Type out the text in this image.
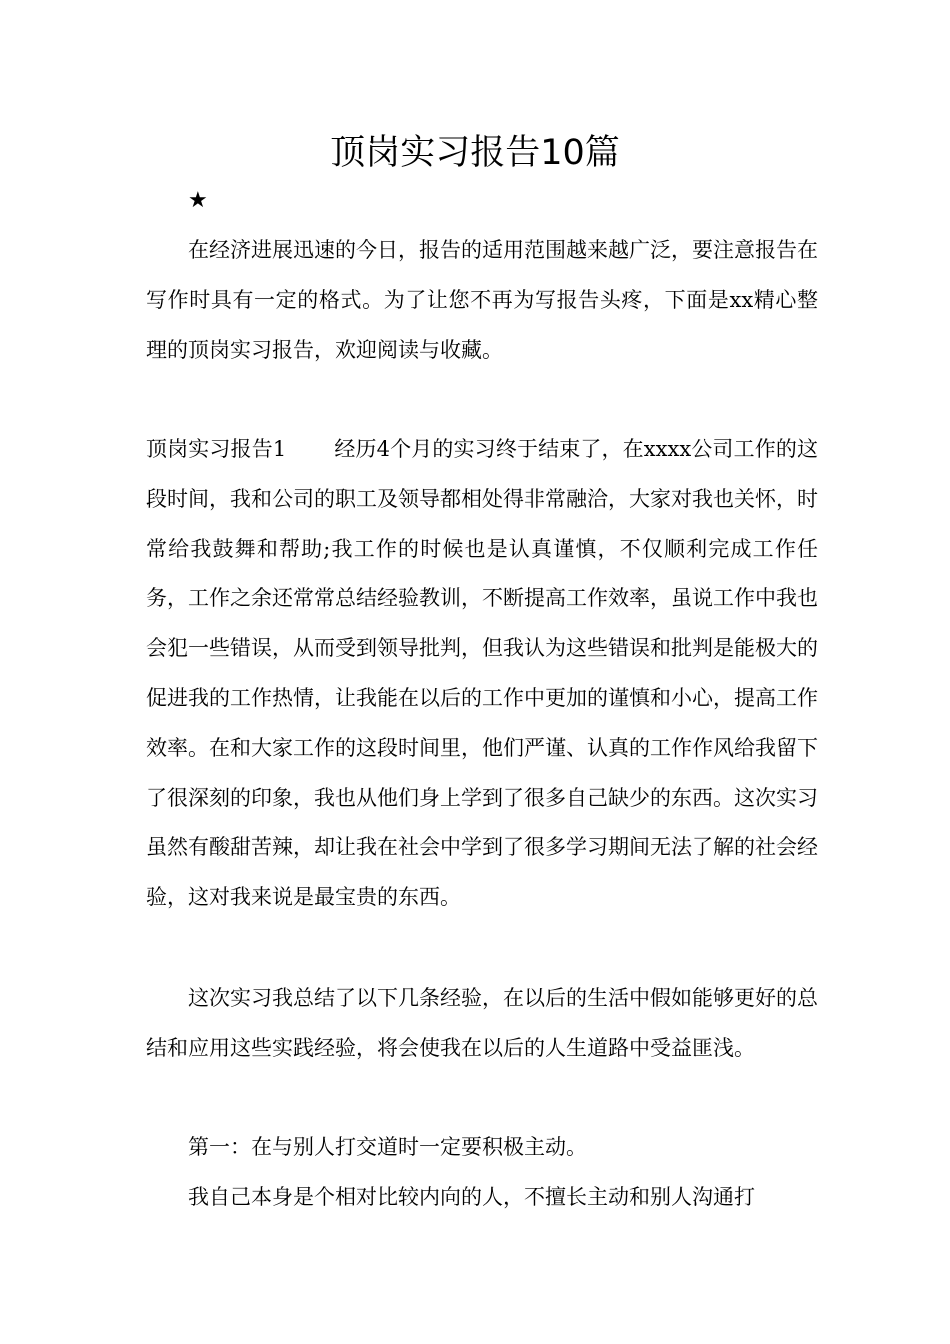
顶岗实习报告10篇
★

在经济进展迅速的今日，报告的适用范围越来越广泛，要注意报告在写作时具有一定的格式。为了让您不再为写报告头疼，下面是xx精心整理的顶岗实习报告，欢迎阅读与收藏。

顶岗实习报告1 经历4个月的实习终于结束了，在xxxx公司工作的这段时间，我和公司的职工及领导都相处得非常融洽，大家对我也关怀，时常给我鼓舞和帮助;我工作的时候也是认真谨慎，不仅顺利完成工作任务，工作之余还常常总结经验教训，不断提高工作效率，虽说工作中我也会犯一些错误，从而受到领导批判，但我认为这些错误和批判是能极大的促进我的工作热情，让我能在以后的工作中更加的谨慎和小心，提高工作效率。在和大家工作的这段时间里，他们严谨、认真的工作作风给我留下了很深刻的印象，我也从他们身上学到了很多自己缺少的东西。这次实习虽然有酸甜苦辣，却让我在社会中学到了很多学习期间无法了解的社会经验，这对我来说是最宝贵的东西。

这次实习我总结了以下几条经验，在以后的生活中假如能够更好的总结和应用这些实践经验，将会使我在以后的人生道路中受益匪浅。

第一：在与别人打交道时一定要积极主动。

我自己本身是个相对比较内向的人，不擅长主动和别人沟通打
